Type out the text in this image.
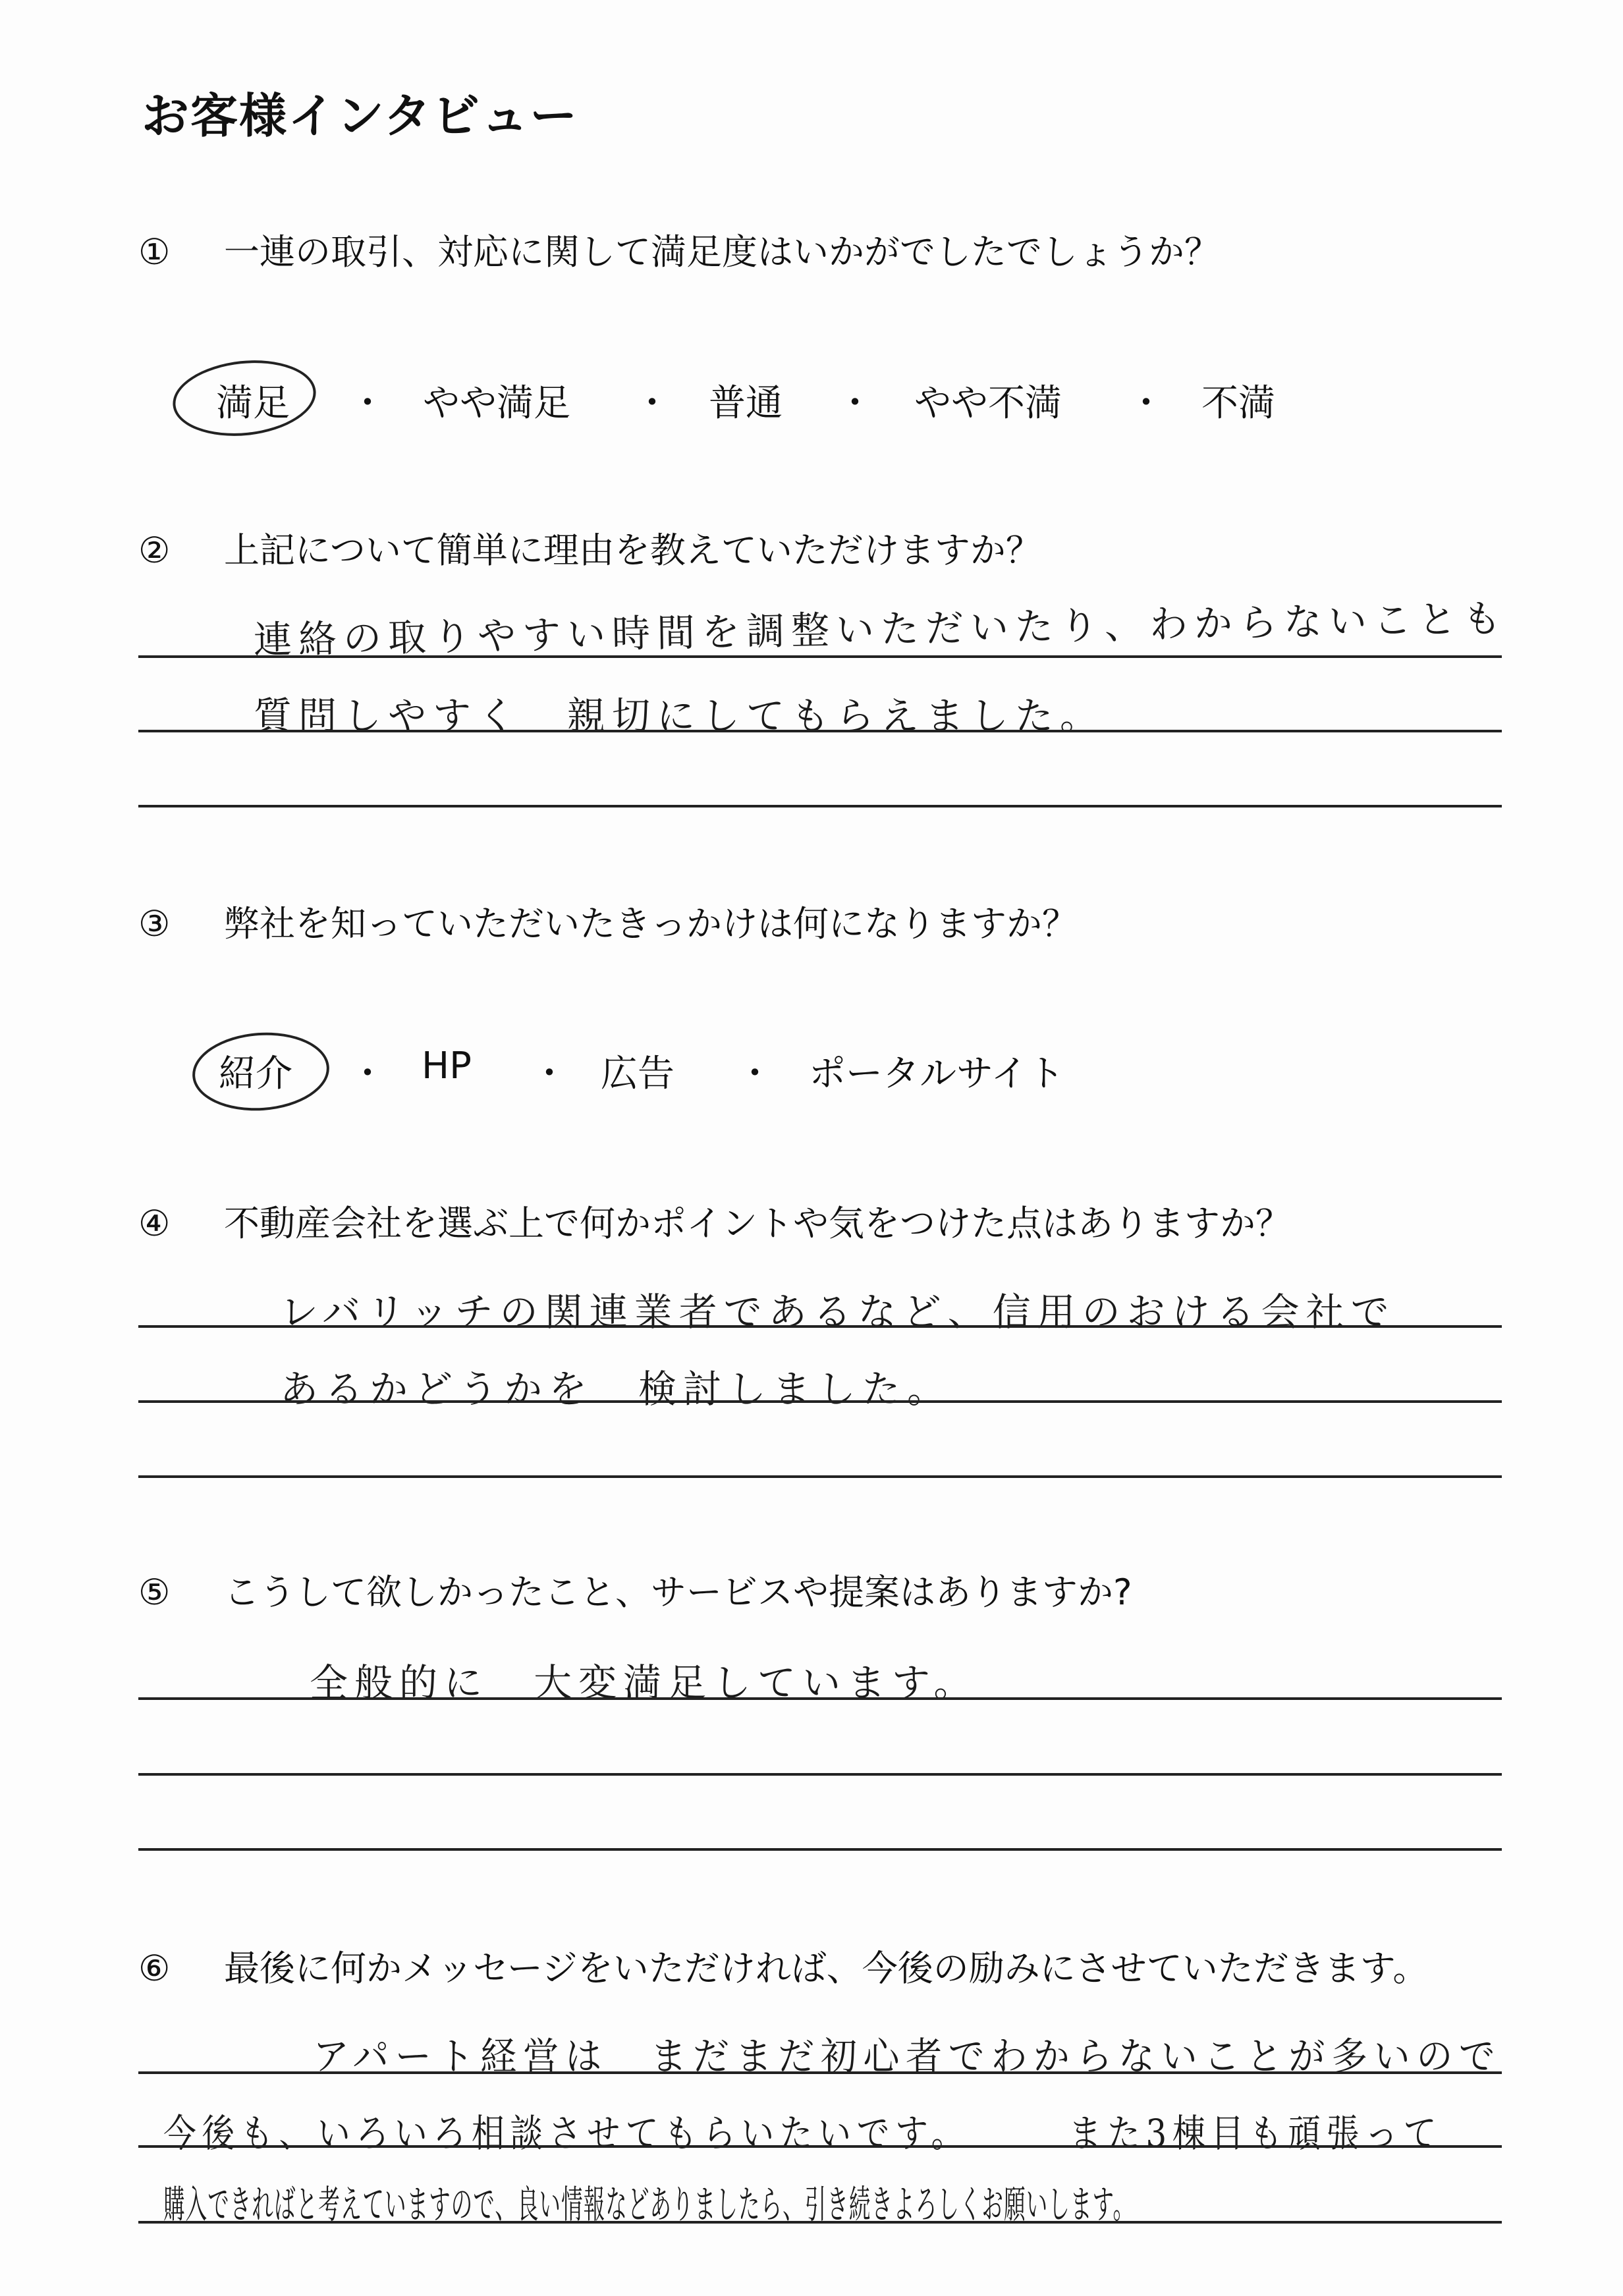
お客様インタビュー
① 一連の取引、対応に関して満足度はいかがでしたでしょうか？
満足 ・ やや満足 ・ 普通 ・ やや不満 ・ 不満
② 上記について簡単に理由を教えていただけますか？
連絡の取りやすい時間を調整いただいたり、わからないことも
質問しやすく　親切にしてもらえました。
③ 弊社を知っていただいたきっかけは何になりますか？
紹介 ・ HP ・ 広告 ・ ポータルサイト
④ 不動産会社を選ぶ上で何かポイントや気をつけた点はありますか？
レバリッチの関連業者であるなど、信用のおける会社で
あるかどうかを　検討しました。
⑤ こうして欲しかったこと、サービスや提案はありますか?
全般的に　大変満足しています。
⑥ 最後に何かメッセージをいただければ、今後の励みにさせていただきます。
アパート経営は　まだまだ初心者でわからないことが多いので
今後も、いろいろ相談させてもらいたいです。　　　また3棟目も頑張って
購入できればと考えていますので、良い情報などありましたら、引き続きよろしくお願いします。
